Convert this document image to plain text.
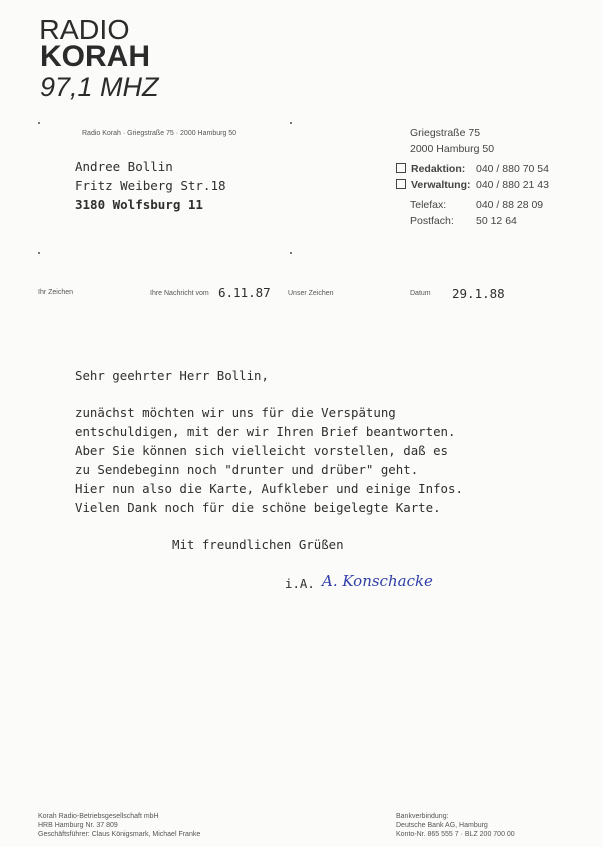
RADIO
KORAH
97,1 MHZ
Radio Korah · Griegstraße 75 · 2000 Hamburg 50	Griegstraße 75
2000 Hamburg 50
Redaktion: 040 / 880 70 54
Verwaltung: 040 / 880 21 43
Telefax:	040 / 88 28 09
Postfach: 50 12 64
Andree Bollin
Fritz Weiberg Str.18
3180 Wolfsburg 11
Ihr Zeichen	Ihre Nachricht vom 6.11.87 Unser Zeichen	Datum 29.1.88
Sehr geehrter Herr Bollin,
zunächst möchten wir uns für die Verspätung
entschuldigen, mit der wir Ihren Brief beantworten.
Aber Sie können sich vielleicht vorstellen, daß es
zu Sendebeginn noch "drunter und drüber" geht.
Hier nun also die Karte, Aufkleber und einige Infos.
Vielen Dank noch für die schöne beigelegte Karte.
Mit freundlichen Grüßen
i.A. A. Konschacke
Korah Radio-Betriebsgesellschaft mbH
HRB Hamburg Nr. 37 809
Geschäftsführer: Claus Königsmark, Michael Franke
Bankverbindung:
Deutsche Bank AG, Hamburg
Konto-Nr. 865 555 7 · BLZ 200 700 00
